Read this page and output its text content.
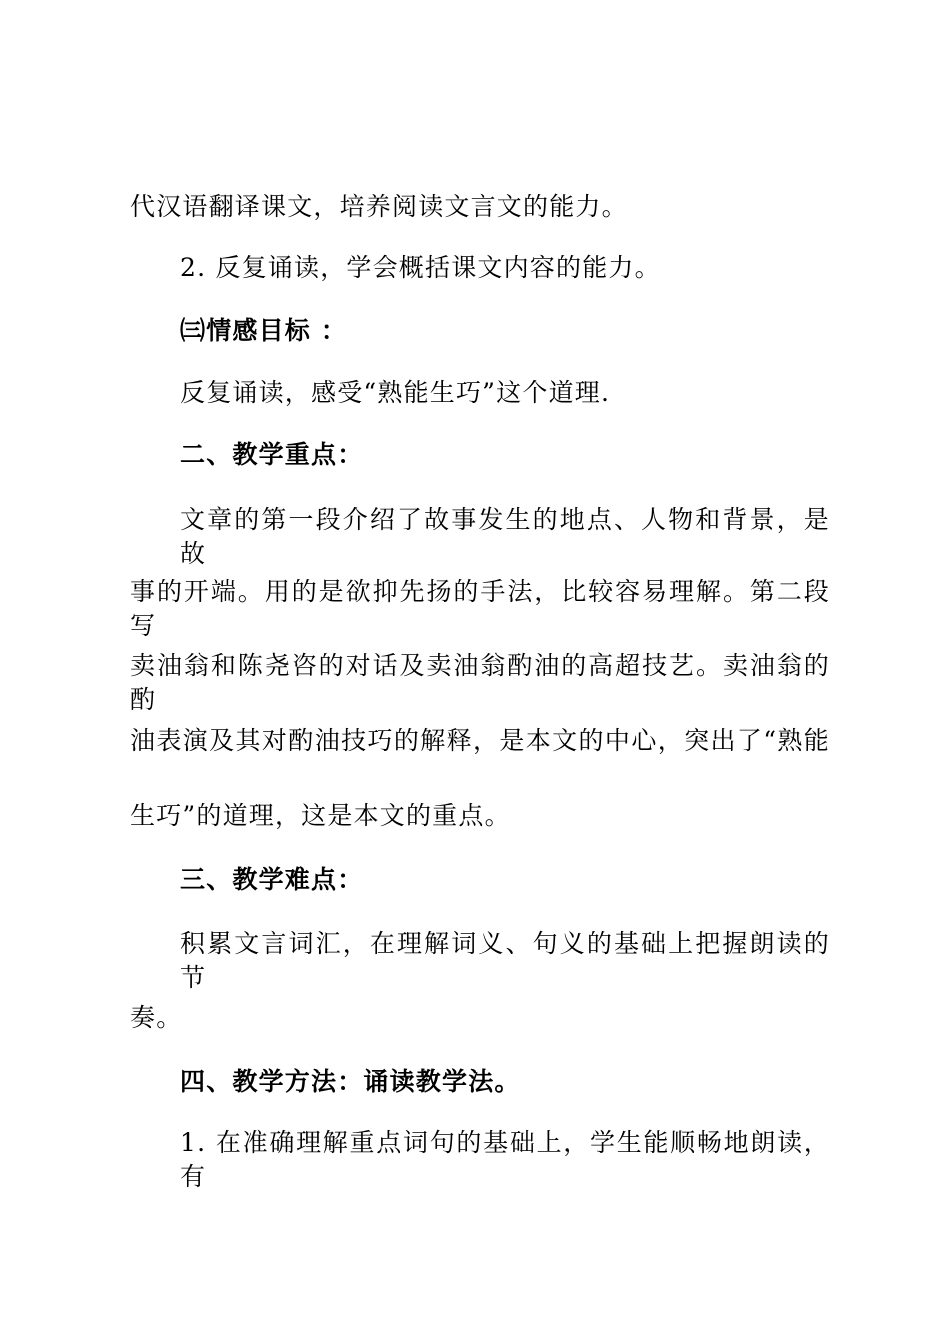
代汉语翻译课文，培养阅读文言文的能力。
2. 反复诵读，学会概括课文内容的能力。
㈢情感目标 ：
反复诵读，感受“熟能生巧”这个道理.
二、教学重点：
文章的第一段介绍了故事发生的地点、人物和背景，是故
事的开端。用的是欲抑先扬的手法，比较容易理解。第二段写
卖油翁和陈尧咨的对话及卖油翁酌油的高超技艺。卖油翁的酌
油表演及其对酌油技巧的解释，是本文的中心，突出了“熟能
生巧”的道理，这是本文的重点。
三、教学难点：
积累文言词汇，在理解词义、句义的基础上把握朗读的节
奏。
四、教学方法：诵读教学法。
1. 在准确理解重点词句的基础上，学生能顺畅地朗读，有
